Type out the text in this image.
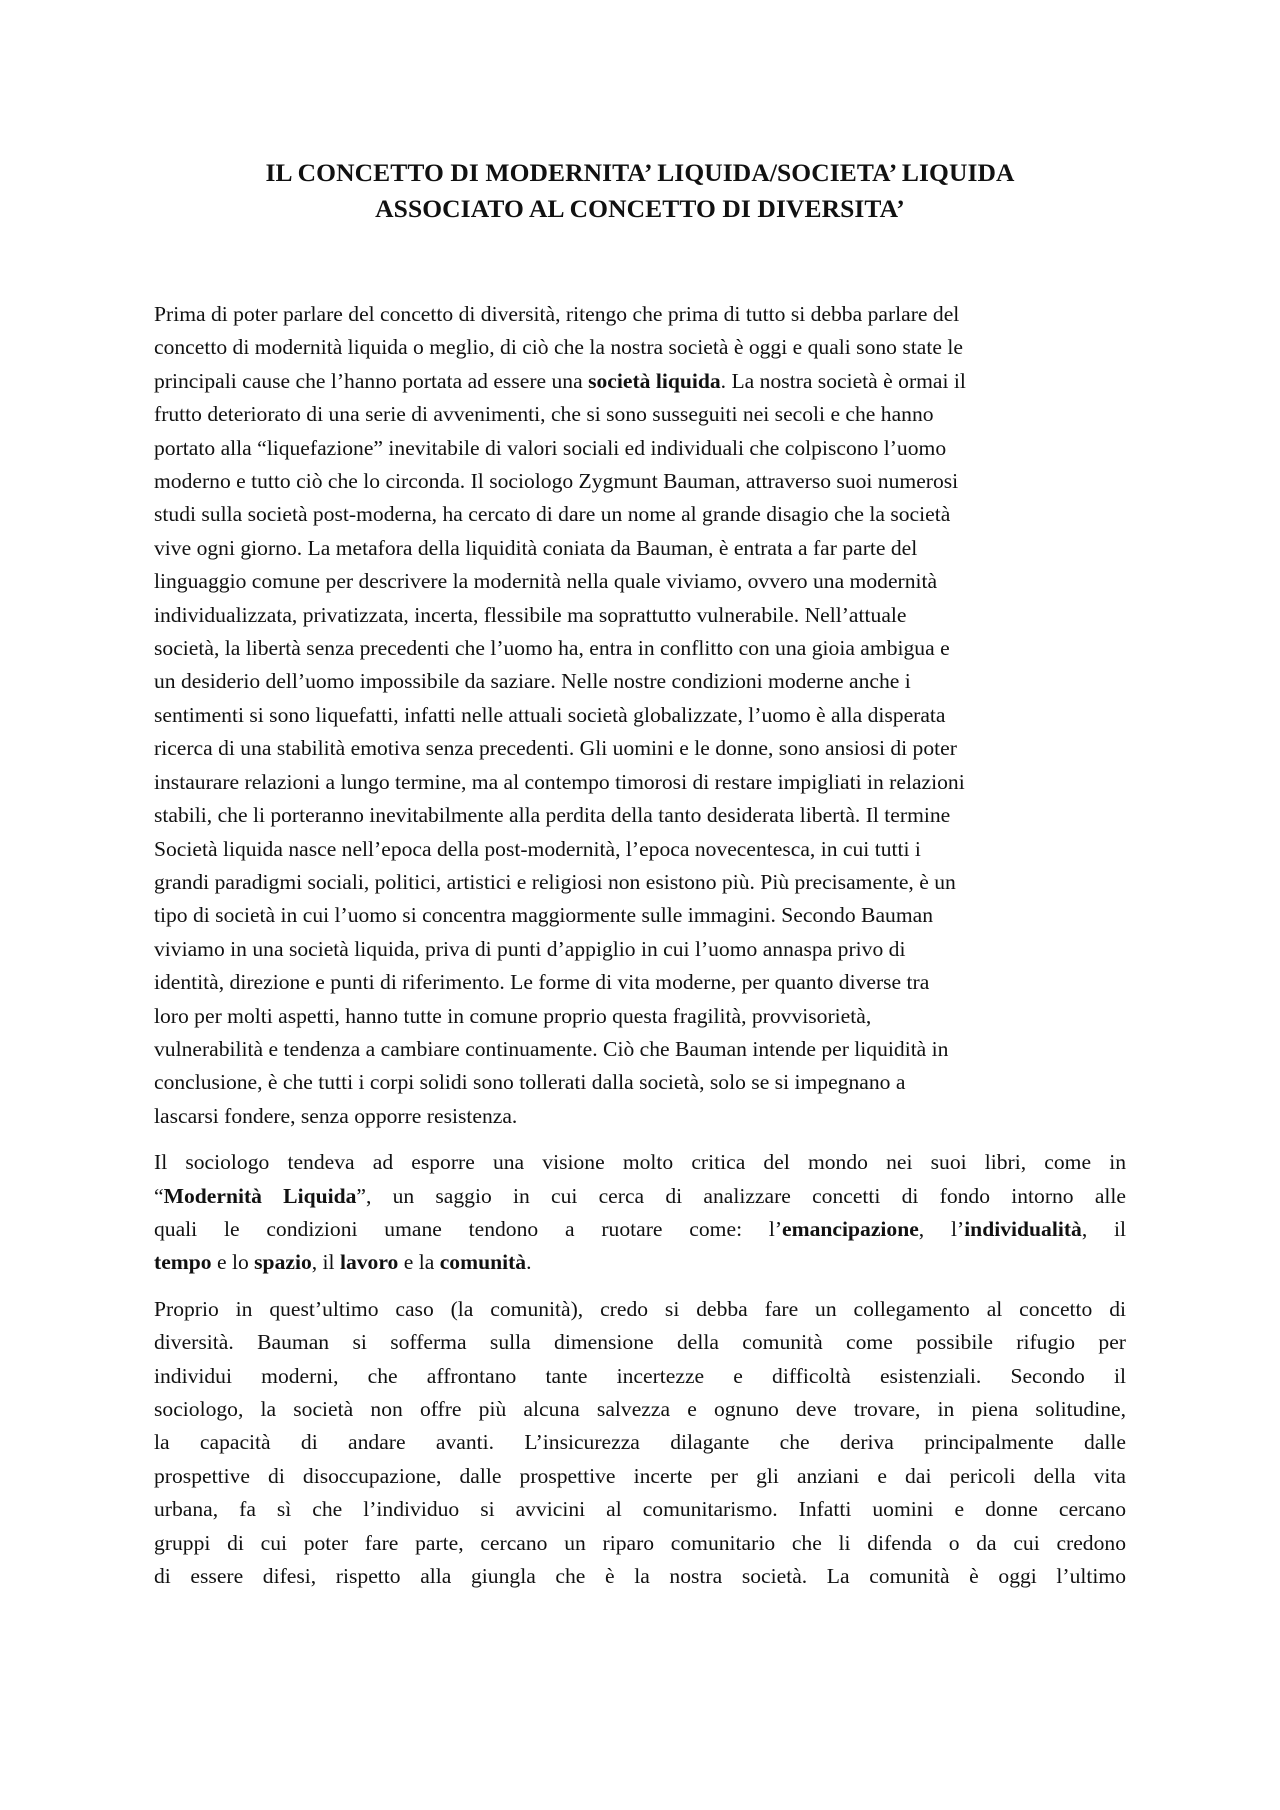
IL CONCETTO DI MODERNITA’ LIQUIDA/SOCIETA’ LIQUIDA
ASSOCIATO AL CONCETTO DI DIVERSITA’

Prima di poter parlare del concetto di diversità, ritengo che prima di tutto si debba parlare del
concetto di modernità liquida o meglio, di ciò che la nostra società è oggi e quali sono state le
principali cause che l’hanno portata ad essere una società liquida. La nostra società è ormai il
frutto deteriorato di una serie di avvenimenti, che si sono susseguiti nei secoli e che hanno
portato alla “liquefazione” inevitabile di valori sociali ed individuali che colpiscono l’uomo
moderno e tutto ciò che lo circonda. Il sociologo Zygmunt Bauman, attraverso suoi numerosi
studi sulla società post-moderna, ha cercato di dare un nome al grande disagio che la società
vive ogni giorno. La metafora della liquidità coniata da Bauman, è entrata a far parte del
linguaggio comune per descrivere la modernità nella quale viviamo, ovvero una modernità
individualizzata, privatizzata, incerta, flessibile ma soprattutto vulnerabile. Nell’attuale
società, la libertà senza precedenti che l’uomo ha, entra in conflitto con una gioia ambigua e
un desiderio dell’uomo impossibile da saziare. Nelle nostre condizioni moderne anche i
sentimenti si sono liquefatti, infatti nelle attuali società globalizzate, l’uomo è alla disperata
ricerca di una stabilità emotiva senza precedenti. Gli uomini e le donne, sono ansiosi di poter
instaurare relazioni a lungo termine, ma al contempo timorosi di restare impigliati in relazioni
stabili, che li porteranno inevitabilmente alla perdita della tanto desiderata libertà. Il termine
Società liquida nasce nell’epoca della post-modernità, l’epoca novecentesca, in cui tutti i
grandi paradigmi sociali, politici, artistici e religiosi non esistono più. Più precisamente, è un
tipo di società in cui l’uomo si concentra maggiormente sulle immagini. Secondo Bauman
viviamo in una società liquida, priva di punti d’appiglio in cui l’uomo annaspa privo di
identità, direzione e punti di riferimento. Le forme di vita moderne, per quanto diverse tra
loro per molti aspetti, hanno tutte in comune proprio questa fragilità, provvisorietà,
vulnerabilità e tendenza a cambiare continuamente. Ciò che Bauman intende per liquidità in
conclusione, è che tutti i corpi solidi sono tollerati dalla società, solo se si impegnano a
lascarsi fondere, senza opporre resistenza.

Il sociologo tendeva ad esporre una visione molto critica del mondo nei suoi libri, come in
“Modernità Liquida”, un saggio in cui cerca di analizzare concetti di fondo intorno alle
quali le condizioni umane tendono a ruotare come: l’emancipazione, l’individualità, il
tempo e lo spazio, il lavoro e la comunità.

Proprio in quest’ultimo caso (la comunità), credo si debba fare un collegamento al concetto di
diversità. Bauman si sofferma sulla dimensione della comunità come possibile rifugio per
individui moderni, che affrontano tante incertezze e difficoltà esistenziali. Secondo il
sociologo, la società non offre più alcuna salvezza e ognuno deve trovare, in piena solitudine,
la capacità di andare avanti. L’insicurezza dilagante che deriva principalmente dalle
prospettive di disoccupazione, dalle prospettive incerte per gli anziani e dai pericoli della vita
urbana, fa sì che l’individuo si avvicini al comunitarismo. Infatti uomini e donne cercano
gruppi di cui poter fare parte, cercano un riparo comunitario che li difenda o da cui credono
di essere difesi, rispetto alla giungla che è la nostra società. La comunità è oggi l’ultimo
